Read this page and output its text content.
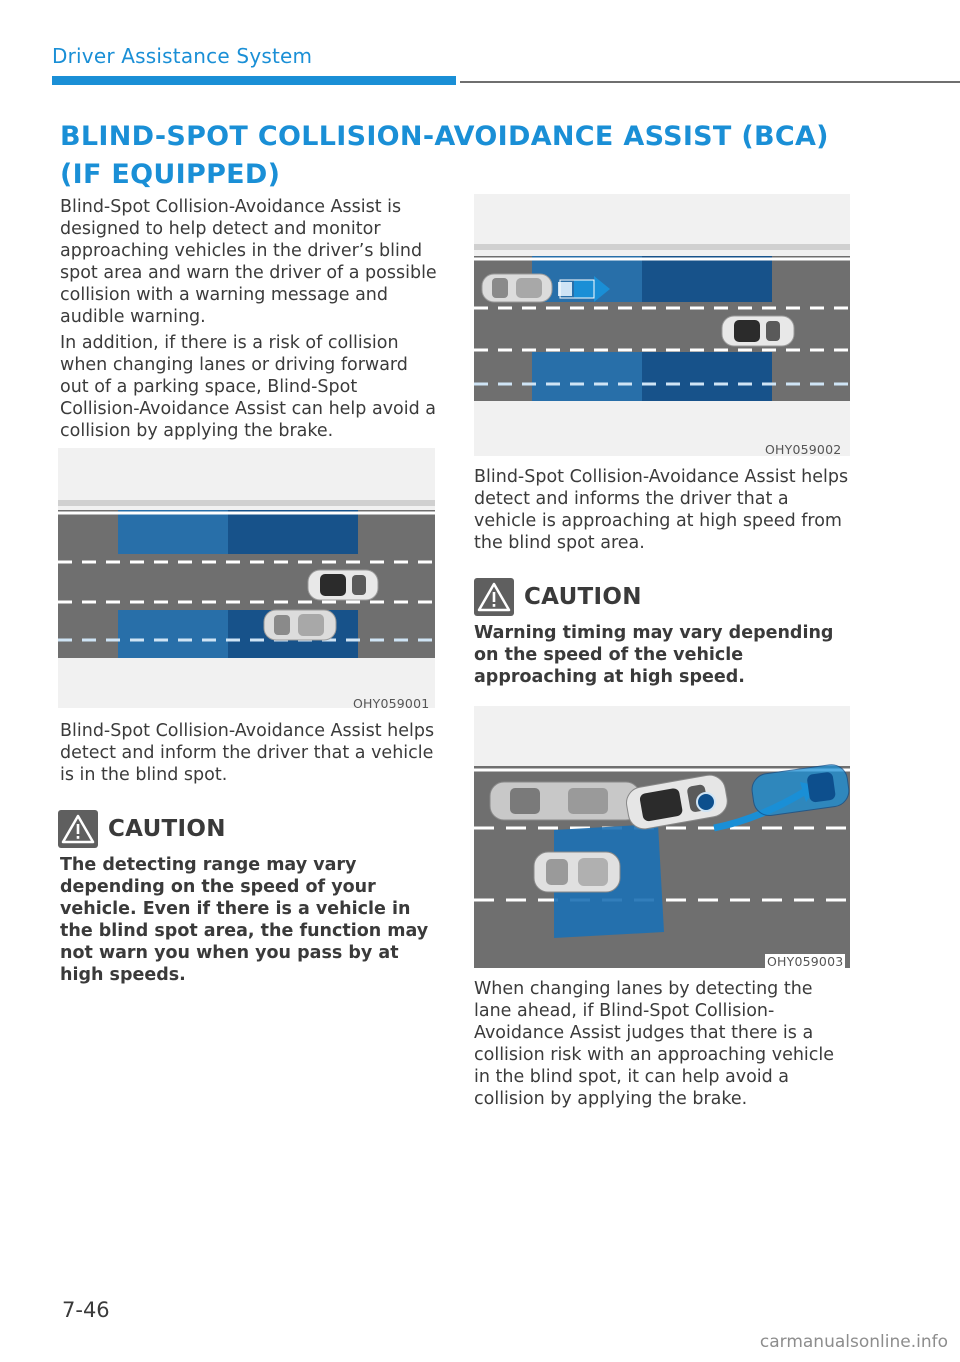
Driver Assistance System
BLIND-SPOT COLLISION-AVOIDANCE ASSIST (BCA) (IF EQUIPPED)

Blind-Spot Collision-Avoidance Assist is designed to help detect and monitor approaching vehicles in the driver’s blind spot area and warn the driver of a possible collision with a warning message and audible warning.

In addition, if there is a risk of collision when changing lanes or driving forward out of a parking space, Blind-Spot Collision-Avoidance Assist can help avoid a collision by applying the brake.

OHY059001

Blind-Spot Collision-Avoidance Assist helps detect and inform the driver that a vehicle is in the blind spot.

CAUTION

The detecting range may vary depending on the speed of your vehicle. Even if there is a vehicle in the blind spot area, the function may not warn you when you pass by at high speeds.

OHY059002

Blind-Spot Collision-Avoidance Assist helps detect and informs the driver that a vehicle is approaching at high speed from the blind spot area.

CAUTION

Warning timing may vary depending on the speed of the vehicle approaching at high speed.

OHY059003

When changing lanes by detecting the lane ahead, if Blind-Spot Collision-Avoidance Assist judges that there is a collision risk with an approaching vehicle in the blind spot, it can help avoid a collision by applying the brake.

7-46
carmanualsonline.info
